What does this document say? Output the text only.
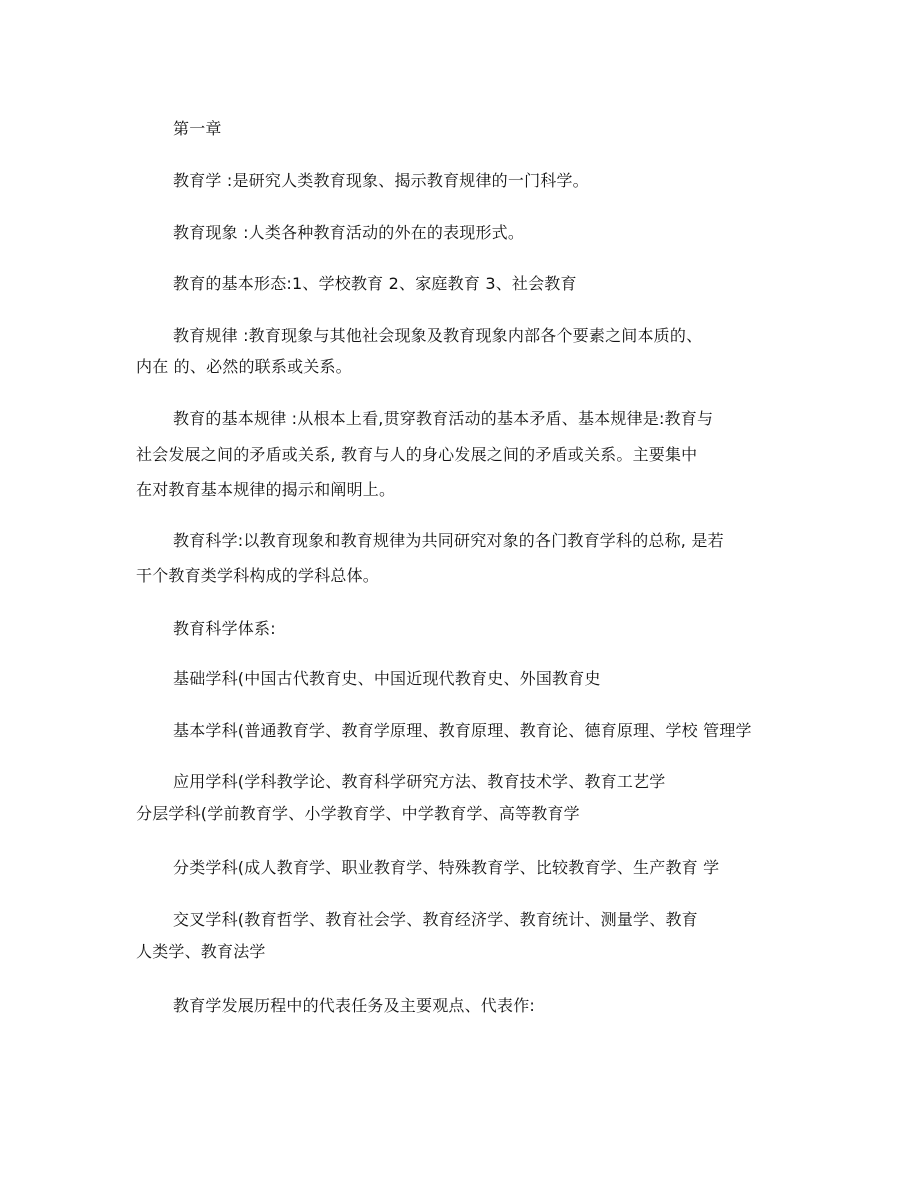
第一章
教育学 :是研究人类教育现象、揭示教育规律的一门科学。
教育现象 :人类各种教育活动的外在的表现形式。
教育的基本形态:1、学校教育 2、家庭教育 3、社会教育
教育规律 :教育现象与其他社会现象及教育现象内部各个要素之间本质的、
内在 的、必然的联系或关系。
教育的基本规律 :从根本上看,贯穿教育活动的基本矛盾、基本规律是:教育与
社会发展之间的矛盾或关系, 教育与人的身心发展之间的矛盾或关系。主要集中
在对教育基本规律的揭示和阐明上。
教育科学:以教育现象和教育规律为共同研究对象的各门教育学科的总称, 是若
干个教育类学科构成的学科总体。
教育科学体系:
基础学科(中国古代教育史、中国近现代教育史、外国教育史
基本学科(普通教育学、教育学原理、教育原理、教育论、德育原理、学校 管理学
应用学科(学科教学论、教育科学研究方法、教育技术学、教育工艺学
分层学科(学前教育学、小学教育学、中学教育学、高等教育学
分类学科(成人教育学、职业教育学、特殊教育学、比较教育学、生产教育 学
交叉学科(教育哲学、教育社会学、教育经济学、教育统计、测量学、教育
人类学、教育法学
教育学发展历程中的代表任务及主要观点、代表作:
